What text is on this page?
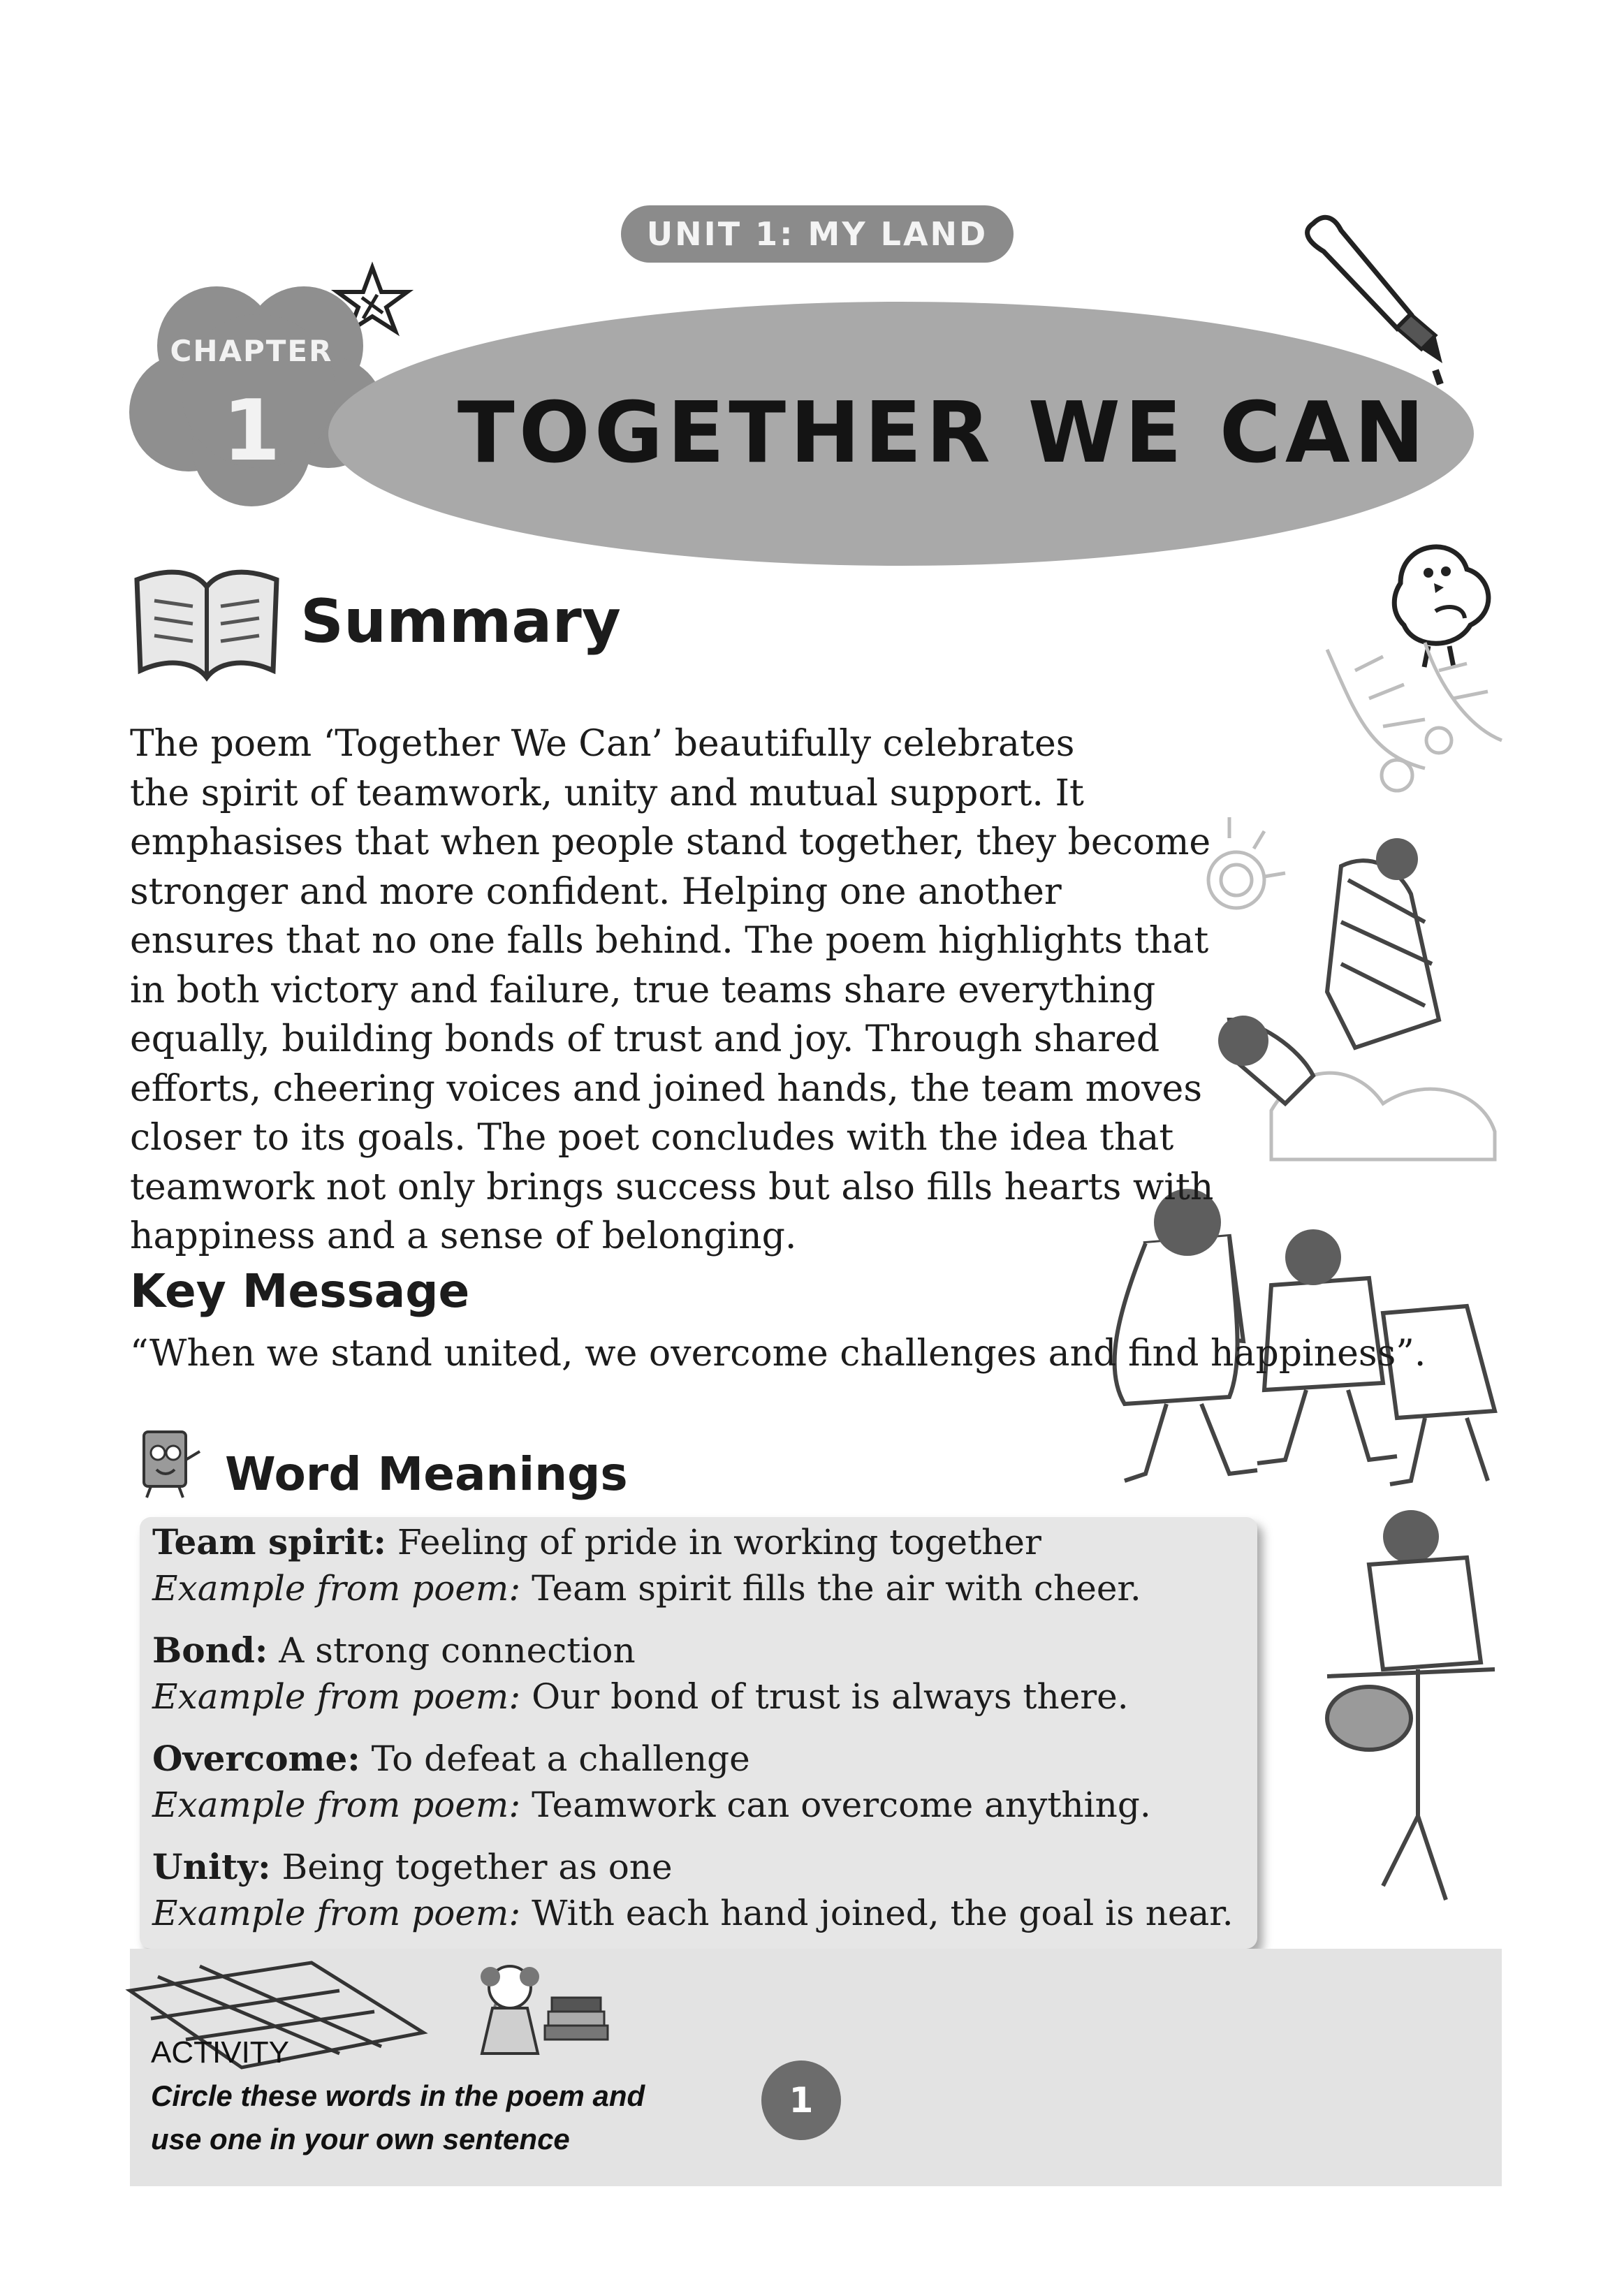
UNIT 1: MY LAND
CHAPTER
1	TOGETHER WE CAN
Summary
The poem ‘Together We Can’ beautifully celebrates
the spirit of teamwork, unity and mutual support. It
emphasises that when people stand together, they become
stronger and more confident. Helping one another
ensures that no one falls behind. The poem highlights that
in both victory and failure, true teams share everything
equally, building bonds of trust and joy. Through shared
efforts, cheering voices and joined hands, the team moves
closer to its goals. The poet concludes with the idea that
teamwork not only brings success but also fills hearts with
happiness and a sense of belonging.
Key Message
“When we stand united, we overcome challenges and find happiness”.
Word Meanings
Team spirit: Feeling of pride in working together
Example from poem: Team spirit fills the air with cheer.
Bond: A strong connection
Example from poem: Our bond of trust is always there.
Overcome: To defeat a challenge
Example from poem: Teamwork can overcome anything.
Unity: Being together as one
Example from poem: With each hand joined, the goal is near.
ACTIVITY
Circle these words in the poem and
use one in your own sentence
1
